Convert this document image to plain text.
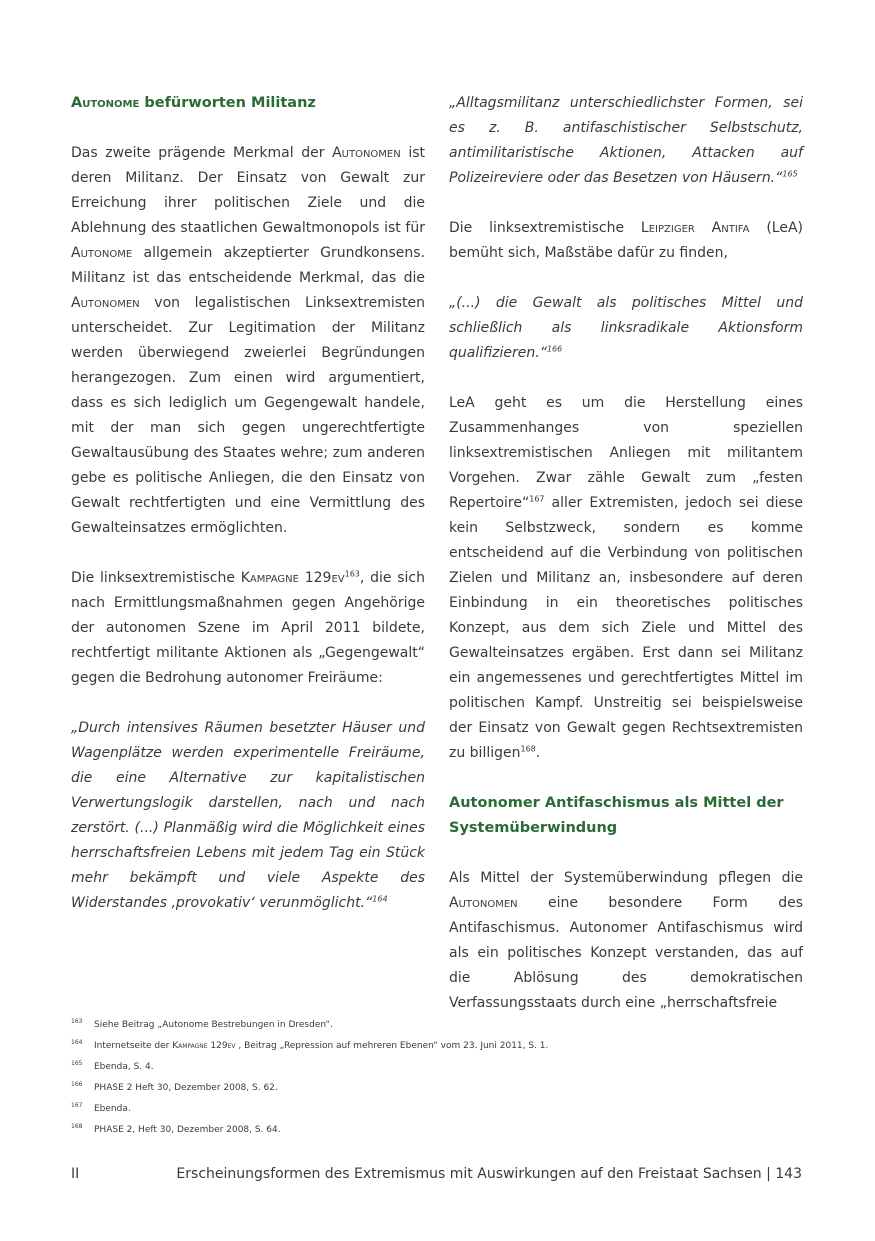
Autonome befürworten Militanz

Das zweite prägende Merkmal der Autonomen ist deren Militanz. Der Einsatz von Gewalt zur Erreichung ihrer politischen Ziele und die Ablehnung des staatlichen Gewaltmonopols ist für Autonome allgemein akzeptierter Grundkonsens. Militanz ist das entscheidende Merkmal, das die Autonomen von legalistischen Linksextremisten unterscheidet. Zur Legitimation der Militanz werden überwiegend zweierlei Begründungen herangezogen. Zum einen wird argumentiert, dass es sich lediglich um Gegengewalt handele, mit der man sich gegen ungerechtfertigte Gewaltausübung des Staates wehre; zum anderen gebe es politische Anliegen, die den Einsatz von Gewalt rechtfertigten und eine Vermittlung des Gewalteinsatzes ermöglichten.

Die linksextremistische Kampagne $129ev^{163}$, die sich nach Ermittlungsmaßnahmen gegen Angehörige der autonomen Szene im April 2011 bildete, rechtfertigt militante Aktionen als „Gegengewalt“ gegen die Bedrohung autonomer Freiräume:

„Durch intensives Räumen besetzter Häuser und Wagenplätze werden experimentelle Freiräume, die eine Alternative zur kapitalistischen Verwertungslogik darstellen, nach und nach zerstört. (...) Planmäßig wird die Möglichkeit eines herrschaftsfreien Lebens mit jedem Tag ein Stück mehr bekämpft und viele Aspekte des Widerstandes ‚provokativ‘ verunmöglicht.“$^{164}$

„Alltagsmilitanz unterschiedlichster Formen, sei es z. B. antifaschistischer Selbstschutz, antimilitaristische Aktionen, Attacken auf Polizeireviere oder das Besetzen von Häusern.“$^{165}$

Die linksextremistische Leipziger Antifa (LeA) bemüht sich, Maßstäbe dafür zu finden,

„(...) die Gewalt als politisches Mittel und schließlich als linksradikale Aktionsform qualifizieren.“$^{166}$

LeA geht es um die Herstellung eines Zusammenhanges von speziellen linksextremistischen Anliegen mit militantem Vorgehen. Zwar zähle Gewalt zum „festen Repertoire“$^{167}$ aller Extremisten, jedoch sei diese kein Selbstzweck, sondern es komme entscheidend auf die Verbindung von politischen Zielen und Militanz an, insbesondere auf deren Einbindung in ein theoretisches politisches Konzept, aus dem sich Ziele und Mittel des Gewalteinsatzes ergäben. Erst dann sei Militanz ein angemessenes und gerechtfertigtes Mittel im politischen Kampf. Unstreitig sei beispielsweise der Einsatz von Gewalt gegen Rechtsextremisten zu billigen$^{168}$.

Autonomer Antifaschismus als Mittel der Systemüberwindung

Als Mittel der Systemüberwindung pflegen die Autonomen eine besondere Form des Antifaschismus. Autonomer Antifaschismus wird als ein politisches Konzept verstanden, das auf die Ablösung des demokratischen Verfassungsstaats durch eine „herrschaftsfreie

163	Siehe Beitrag „Autonome Bestrebungen in Dresden“.
164	Internetseite der Kampagne 129ev , Beitrag „Repression auf mehreren Ebenen“ vom 23. Juni 2011, S. 1.
165	Ebenda, S. 4.
166	PHASE 2 Heft 30, Dezember 2008, S. 62.
167	Ebenda.
168	PHASE 2, Heft 30, Dezember 2008, S. 64.
II	Erscheinungsformen des Extremismus mit Auswirkungen auf den Freistaat Sachsen | 143
